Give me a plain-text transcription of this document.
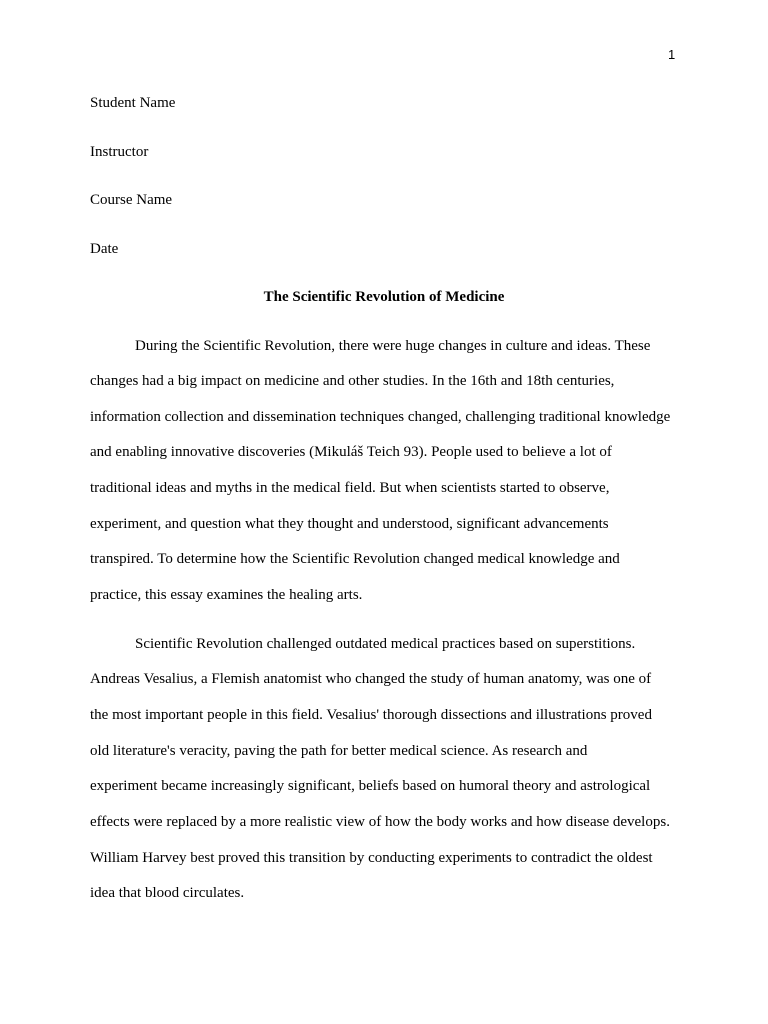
1
Student Name
Instructor
Course Name
Date
The Scientific Revolution of Medicine
During the Scientific Revolution, there were huge changes in culture and ideas. These
changes had a big impact on medicine and other studies. In the 16th and 18th centuries,
information collection and dissemination techniques changed, challenging traditional knowledge
and enabling innovative discoveries (Mikuláš Teich 93). People used to believe a lot of
traditional ideas and myths in the medical field. But when scientists started to observe,
experiment, and question what they thought and understood, significant advancements
transpired. To determine how the Scientific Revolution changed medical knowledge and
practice, this essay examines the healing arts.
Scientific Revolution challenged outdated medical practices based on superstitions.
Andreas Vesalius, a Flemish anatomist who changed the study of human anatomy, was one of
the most important people in this field. Vesalius' thorough dissections and illustrations proved
old literature's veracity, paving the path for better medical science. As research and
experiment became increasingly significant, beliefs based on humoral theory and astrological
effects were replaced by a more realistic view of how the body works and how disease develops.
William Harvey best proved this transition by conducting experiments to contradict the oldest
idea that blood circulates.
